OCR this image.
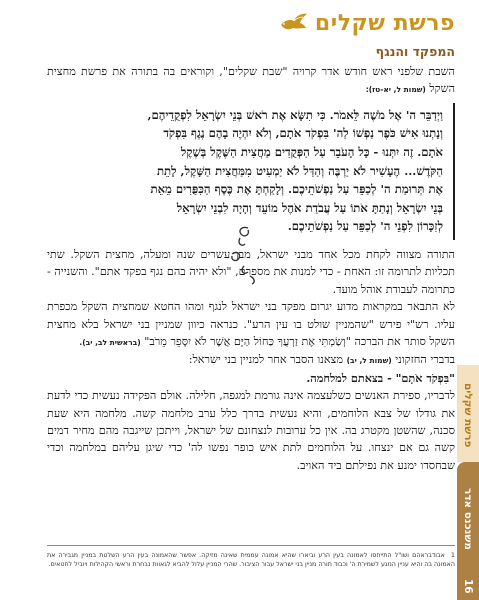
פרשת שקלים
המפקד והנגף

השבת שלפני ראש חודש אדר קרויה "שבת שקלים", וקוראים בה בתורה את פרשת מחצית השקל (שמות ל, יא-טז):

וַיְדַבֵּר ה' אֶל מֹשֶׁה לֵּאמֹר. כִּי תִשָּׂא אֶת רֹאשׁ בְּנֵי יִשְׂרָאֵל לִפְקֻדֵיהֶם,

וְנָתְנוּ אִישׁ כֹּפֶר נַפְשׁוֹ לַה' בִּפְקֹד אֹתָם, וְלֹא יִהְיֶה בָהֶם נֶגֶף בִּפְקֹד

אֹתָם. זֶה יִתְּנוּ - כָּל הָעֹבֵר עַל הַפְּקֻדִים מַחֲצִית הַשֶּׁקֶל בְּשֶׁקֶל

הַקֹּדֶשׁ... הֶעָשִׁיר לֹא יַרְבֶּה וְהַדַּל לֹא יַמְעִיט מִמַּחֲצִית הַשָּׁקֶל, לָתֵת

אֶת תְּרוּמַת ה' לְכַפֵּר עַל נַפְשֹׁתֵיכֶם. וְלָקַחְתָּ אֶת כֶּסֶף הַכִּפֻּרִים מֵאֵת

בְּנֵי יִשְׂרָאֵל וְנָתַתָּ אֹתוֹ עַל עֲבֹדַת אֹהֶל מוֹעֵד וְהָיָה לִבְנֵי יִשְׂרָאֵל

לְזִכָּרוֹן לִפְנֵי ה' לְכַפֵּר עַל נַפְשֹׁתֵיכֶם.

התורה מצווה לקחת מכל אחד מבני ישראל, מבן עשרים שנה ומעלה, מחצית השקל. שתי תכליות לתרומה זו: האחת - כדי למנות את מספרם, "ולא יהיה בהם נגף בפקד אתם". והשנייה - כתרומה לעבודת אוהל מועד.

לא התבאר במקראות מדוע יגרום מפקד בני ישראל לנגף ומהו החטא שמחצית השקל מכפרת עליו. רש"י פירש "שהמניין שולט בו עין הרע". כנראה כיוון שמניין בני ישראל בלא מחצית השקל סותר את הברכה "וְשַׂמְתִּי אֶת זַרְעֲךָ כַּחוֹל הַיָּם אֲשֶׁר לֹא יִסָּפֵר מֵרֹב" (בראשית לב, יב).

בדברי החזקוני (שמות ל, יב) מצאנו הסבר אחר למניין בני ישראל:

"בִּפְקֹד אֹתָם" - בצאתם למלחמה.

לדבריו, ספירת האנשים כשלעצמה אינה גורמת למגפה, חלילה. אולם הפקידה נעשית כדי לדעת את גודלו של צבא הלוחמים, והיא נעשית בדרך כלל ערב מלחמה קשה. מלחמה היא שעת סכנה, שהשטן מקטרג בה. אין כל ערובות לנצחונם של ישראל, וייתכן שייגבה מהם מחיר דמים קשה גם אם ינצחו. על הלוחמים לתת איש כופר נפשו לה' כדי שיגן עליהם במלחמה וכדי שבחסדו ימנע את נפילתם ביד האויב.

1
אבודבראהם ושו"ל התייחסו לאמונה בעין הרע וביארו שהיא אמונה עממית שאינה מזיקה. אפשר שהאמונה בעין הרע השלטת במניין מגבירה את האמונה בה והיא עניין הנוגע לשמירת ה' וכבוד תורה מניין בני ישראל עבור הציבור. שהרי המניין עלול להביא לגאוות נבחרת וראשי הקהילות ויוביל לחטאים.
פרשת שקלים
משנכנס אדר
16
